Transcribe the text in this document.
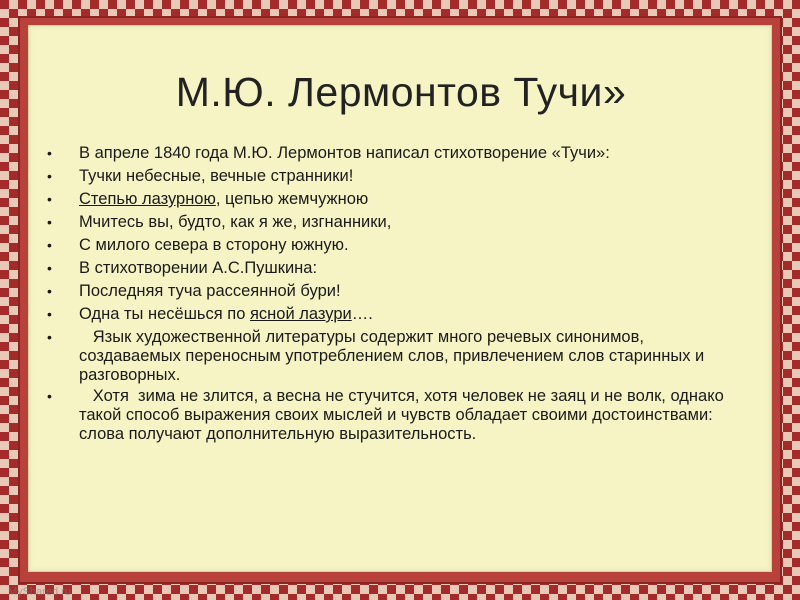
М.Ю. Лермонтов Тучи»
• В апреле 1840 года М.Ю. Лермонтов написал стихотворение «Тучи»:
• Тучки небесные, вечные странники!
• Степью лазурною, цепью жемчужною
• Мчитесь вы, будто, как я же, изгнанники,
• С милого севера в сторону южную.
• В стихотворении А.С.Пушкина:
• Последняя туча рассеянной бури!
• Одна ты несёшься по ясной лазури….
• Язык художественной литературы содержит много речевых синонимов, создаваемых переносным употреблением слов, привлечением слов старинных и разговорных.
• Хотя  зима не злится, а весна не стучится, хотя человек не заяц и не волк, однако такой способ выражения своих мыслей и чувств обладает своими достоинствами: слова получают дополнительную выразительность.
MyShared.ru
